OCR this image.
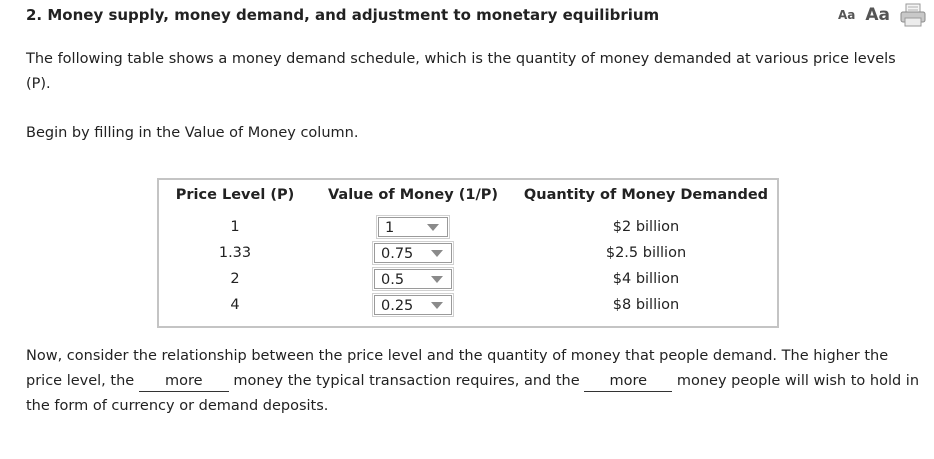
2. Money supply, money demand, and adjustment to monetary equilibrium	Aa Aa
The following table shows a money demand schedule, which is the quantity of money demanded at various price levels (P).
Begin by filling in the Value of Money column.
Price Level (P)	Value of Money (1/P)	Quantity of Money Demanded
1	1	$2 billion
1.33	0.75	$2.5 billion
2	0.5	$4 billion
4	0.25	$8 billion
Now, consider the relationship between the price level and the quantity of money that people demand. The higher the price level, the more money the typical transaction requires, and the more money people will wish to hold in the form of currency or demand deposits.
